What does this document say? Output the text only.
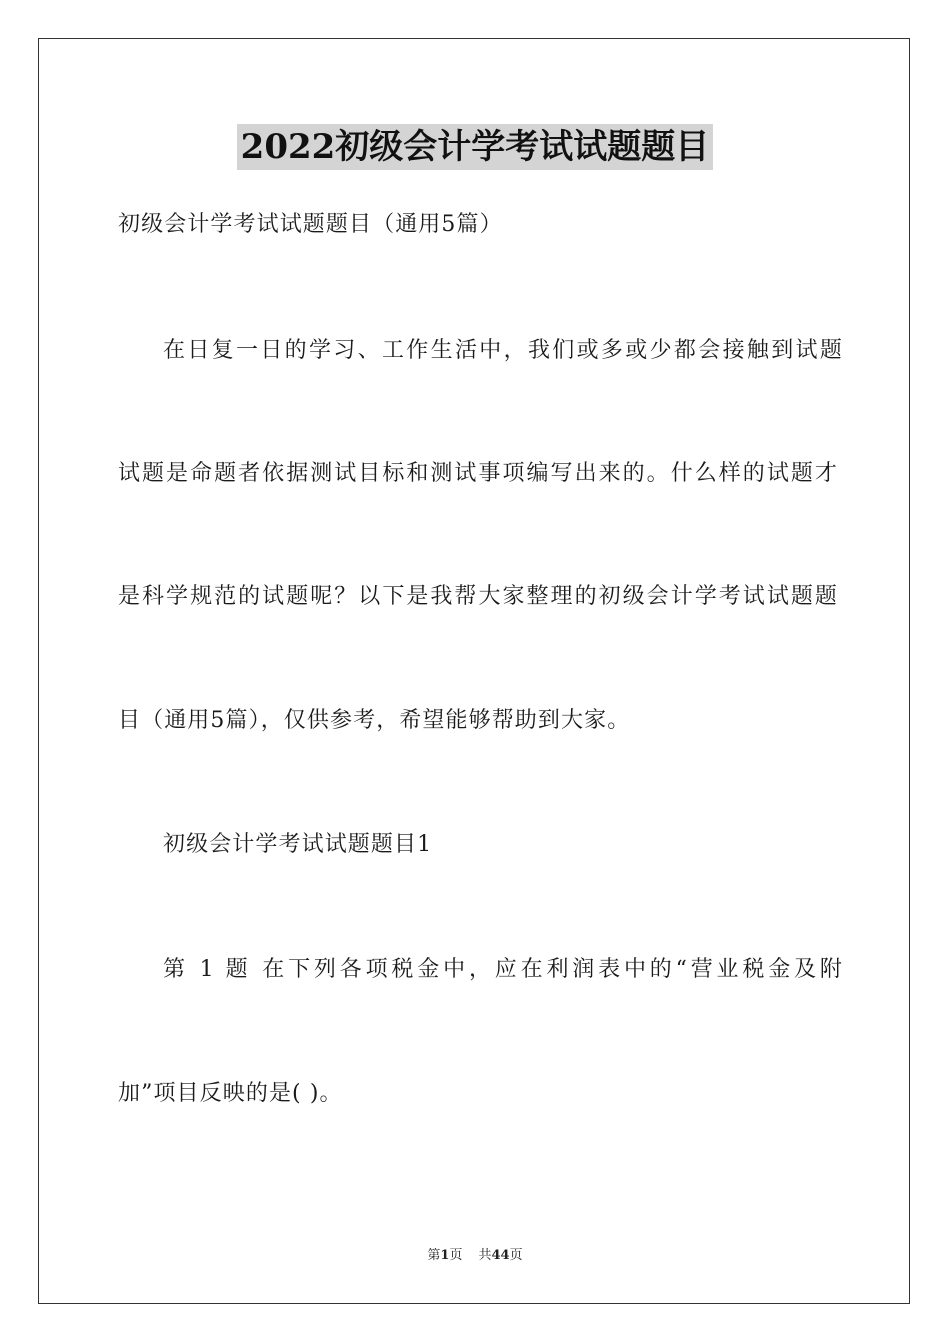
2022初级会计学考试试题题目
初级会计学考试试题题目（通用5篇）
在日复一日的学习、工作生活中，我们或多或少都会接触到试题
试题是命题者依据测试目标和测试事项编写出来的。什么样的试题才
是科学规范的试题呢？以下是我帮大家整理的初级会计学考试试题题
目（通用5篇），仅供参考，希望能够帮助到大家。
初级会计学考试试题题目1
第 1 题 在下列各项税金中，应在利润表中的“营业税金及附
加”项目反映的是( )。
第1页 共44页
